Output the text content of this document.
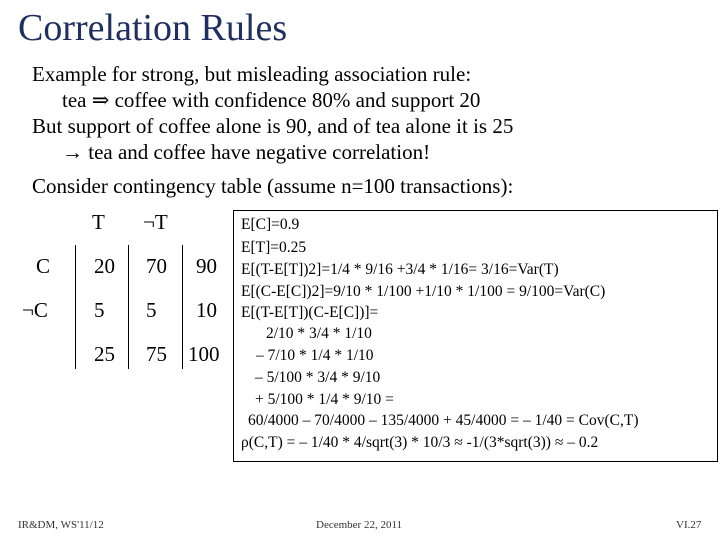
Correlation Rules
Example for strong, but misleading association rule:
tea ⇒ coffee with confidence 80% and support 20
But support of coffee alone is 90, and of tea alone it is 25
→ tea and coffee have negative correlation!
Consider contingency table (assume n=100 transactions):
T ¬T
C 20 70 90
¬C 5 5 10
25 75 100
E[C]=0.9
E[T]=0.25
E[(T-E[T])2]=1/4 * 9/16 +3/4 * 1/16= 3/16=Var(T)
E[(C-E[C])2]=9/10 * 1/100 +1/10 * 1/100 = 9/100=Var(C)
E[(T-E[T])(C-E[C])]=
2/10 * 3/4 * 1/10
– 7/10 * 1/4 * 1/10
– 5/100 * 3/4 * 9/10
+ 5/100 * 1/4 * 9/10 =
60/4000 – 70/4000 – 135/4000 + 45/4000 = – 1/40 = Cov(C,T)
ρ(C,T) = – 1/40 * 4/sqrt(3) * 10/3 ≈ -1/(3*sqrt(3)) ≈ – 0.2
IR&DM, WS'11/12	December 22, 2011	VI.27
